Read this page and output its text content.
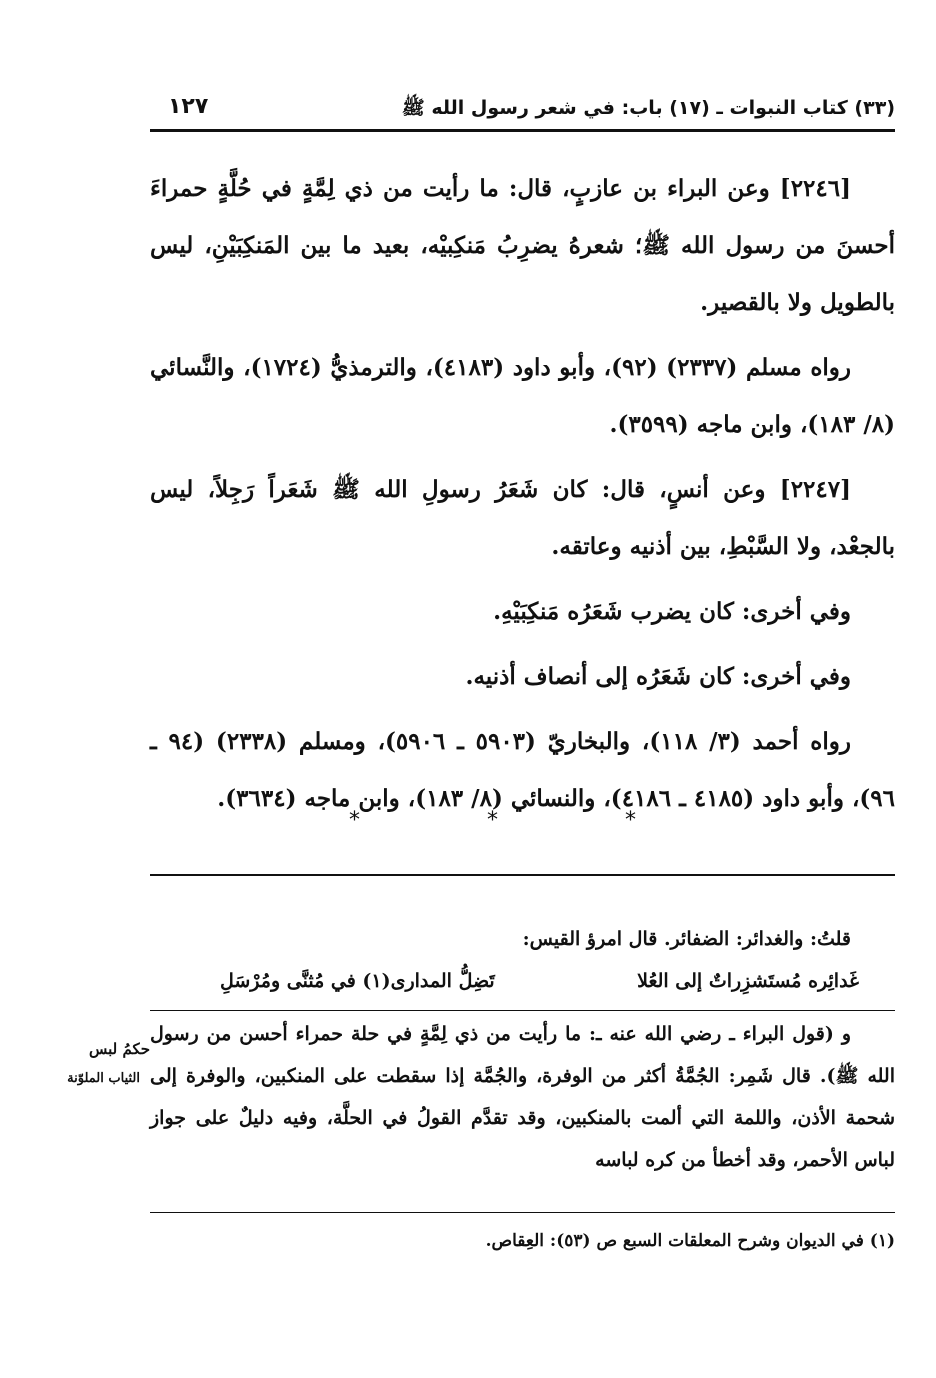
(٣٣) كتاب النبوات ـ (١٧) باب: في شعر رسول الله ﷺ
١٢٧

[٢٢٤٦] وعن البراء بن عازبٍ، قال: ما رأيت من ذي لِمَّةٍ في حُلَّةٍ حمراءَ أحسنَ من رسول الله ﷺ؛ شعرهُ يضرِبُ مَنكِبيْه، بعيد ما بين المَنكِبَيْنِ، ليس بالطويل ولا بالقصير.

رواه مسلم (٢٣٣٧) (٩٢)، وأبو داود (٤١٨٣)، والترمذيُّ (١٧٢٤)، والنَّسائي (٨/ ١٨٣)، وابن ماجه (٣٥٩٩).

[٢٢٤٧] وعن أنسٍ، قال: كان شَعَرُ رسولِ الله ﷺ شَعَراً رَجِلاً، ليس بالجعْد، ولا السَّبْطِ، بين أذنيه وعاتقه.

وفي أخرى: كان يضرب شَعَرُه مَنكِبَيْهِ.

وفي أخرى: كان شَعَرُه إلى أنصاف أذنيه.

رواه أحمد (٣/ ١١٨)، والبخاريّ (٥٩٠٣ ـ ٥٩٠٦)، ومسلم (٢٣٣٨) (٩٤ ـ ٩٦)، وأبو داود (٤١٨٥ ـ ٤١٨٦)، والنسائي (٨/ ١٨٣)، وابن ماجه (٣٦٣٤).

* * *

قلتُ: والغدائر: الضفائر. قال امرؤ القيس:

غَدائِره مُستَشزِراتٌ إلى العُلا
تَضِلُّ المدارى(١) في مُثنَّى ومُرْسَلِ

و (قول البراء ـ رضي الله عنه ـ: ما رأيت من ذي لِمَّةٍ في حلة حمراء أحسن من رسول الله ﷺ). قال شَمِر: الجُمَّةُ أكثر من الوفرة، والجُمَّة إذا سقطت على المنكبين، والوفرة إلى شحمة الأذن، واللمة التي ألمت بالمنكبين، وقد تقدَّم القولُ في الحلَّة، وفيه دليلٌ على جواز لباس الأحمر، وقد أخطأ من كره لباسه

حكمُ لبس
الثياب الملوّنة
(١) في الديوان وشرح المعلقات السبع ص (٥٣): العِقاص.
